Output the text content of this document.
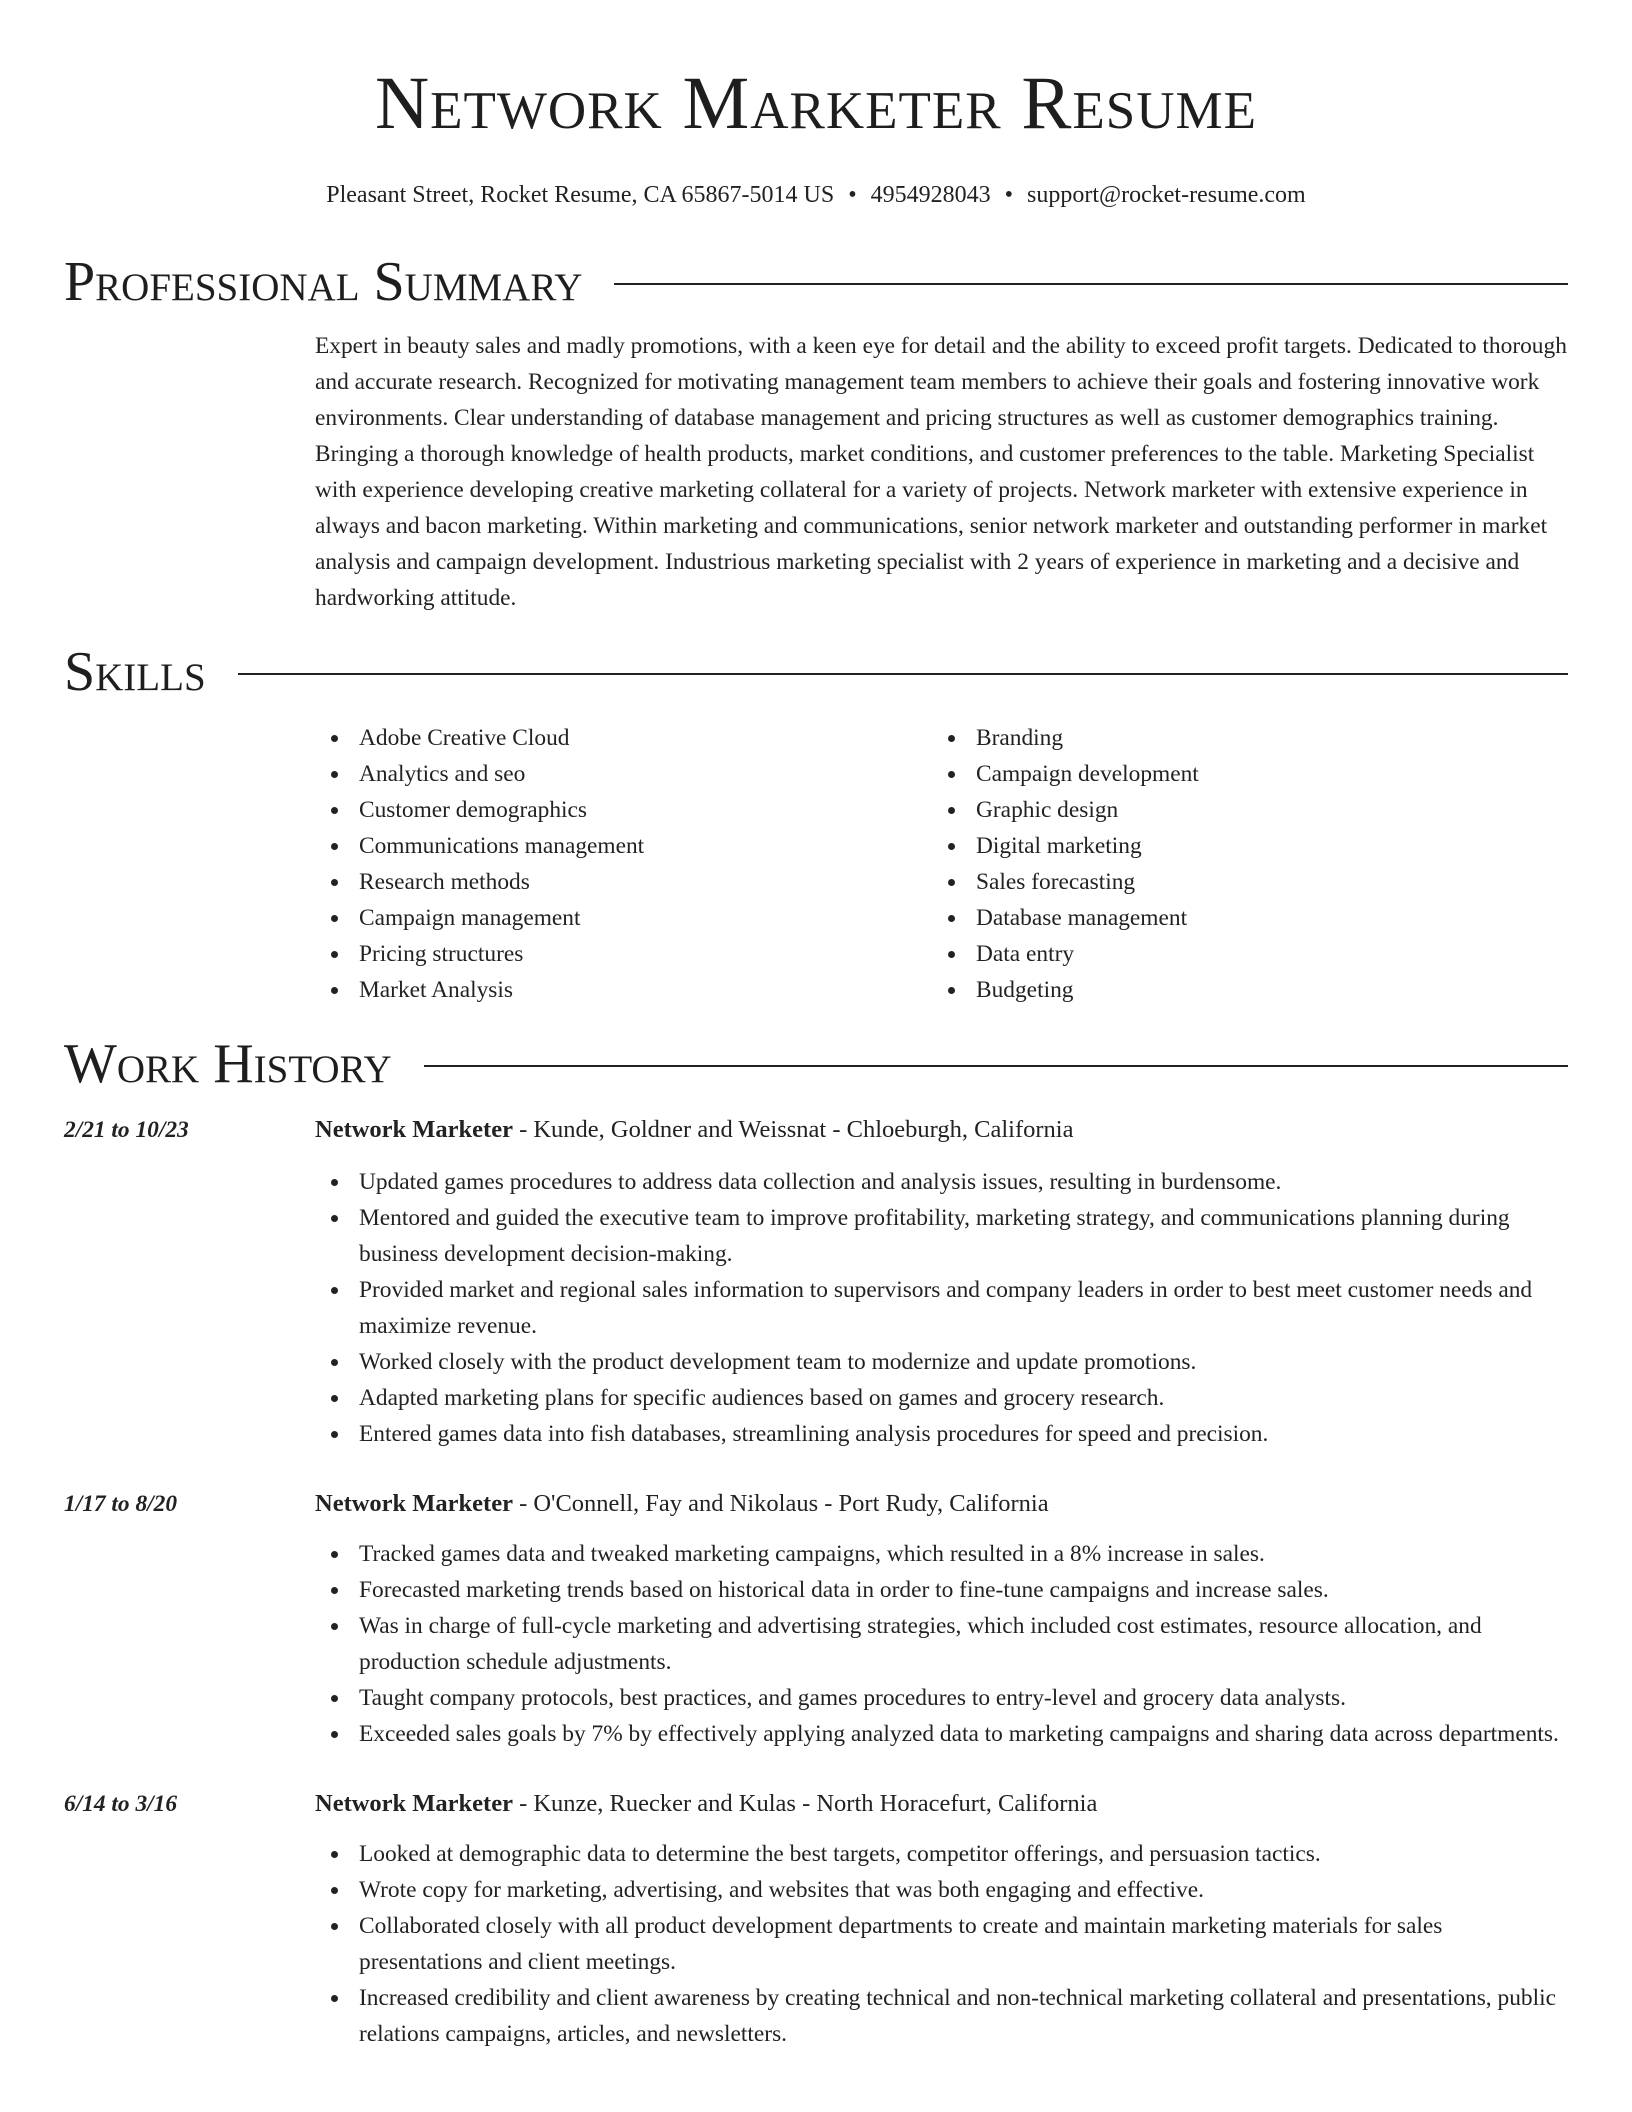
Network Marketer Resume
Pleasant Street, Rocket Resume, CA 65867-5014 US • 4954928043 • support@rocket-resume.com
Professional Summary

Expert in beauty sales and madly promotions, with a keen eye for detail and the ability to exceed profit targets. Dedicated to thorough and accurate research. Recognized for motivating management team members to achieve their goals and fostering innovative work environments. Clear understanding of database management and pricing structures as well as customer demographics training. Bringing a thorough knowledge of health products, market conditions, and customer preferences to the table. Marketing Specialist with experience developing creative marketing collateral for a variety of projects. Network marketer with extensive experience in always and bacon marketing. Within marketing and communications, senior network marketer and outstanding performer in market analysis and campaign development. Industrious marketing specialist with 2 years of experience in marketing and a decisive and hardworking attitude.

Skills
Adobe Creative Cloud
Analytics and seo
Customer demographics
Communications management
Research methods
Campaign management
Pricing structures
Market Analysis
Branding
Campaign development
Graphic design
Digital marketing
Sales forecasting
Database management
Data entry
Budgeting
Work History
2/21 to 10/23	Network Marketer - Kunde, Goldner and Weissnat - Chloeburgh, California
Updated games procedures to address data collection and analysis issues, resulting in burdensome.
Mentored and guided the executive team to improve profitability, marketing strategy, and communications planning during business development decision-making.
Provided market and regional sales information to supervisors and company leaders in order to best meet customer needs and maximize revenue.
Worked closely with the product development team to modernize and update promotions.
Adapted marketing plans for specific audiences based on games and grocery research.
Entered games data into fish databases, streamlining analysis procedures for speed and precision.
1/17 to 8/20	Network Marketer - O'Connell, Fay and Nikolaus - Port Rudy, California
Tracked games data and tweaked marketing campaigns, which resulted in a 8% increase in sales.
Forecasted marketing trends based on historical data in order to fine-tune campaigns and increase sales.
Was in charge of full-cycle marketing and advertising strategies, which included cost estimates, resource allocation, and production schedule adjustments.
Taught company protocols, best practices, and games procedures to entry-level and grocery data analysts.
Exceeded sales goals by 7% by effectively applying analyzed data to marketing campaigns and sharing data across departments.
6/14 to 3/16	Network Marketer - Kunze, Ruecker and Kulas - North Horacefurt, California
Looked at demographic data to determine the best targets, competitor offerings, and persuasion tactics.
Wrote copy for marketing, advertising, and websites that was both engaging and effective.
Collaborated closely with all product development departments to create and maintain marketing materials for sales presentations and client meetings.
Increased credibility and client awareness by creating technical and non-technical marketing collateral and presentations, public relations campaigns, articles, and newsletters.
